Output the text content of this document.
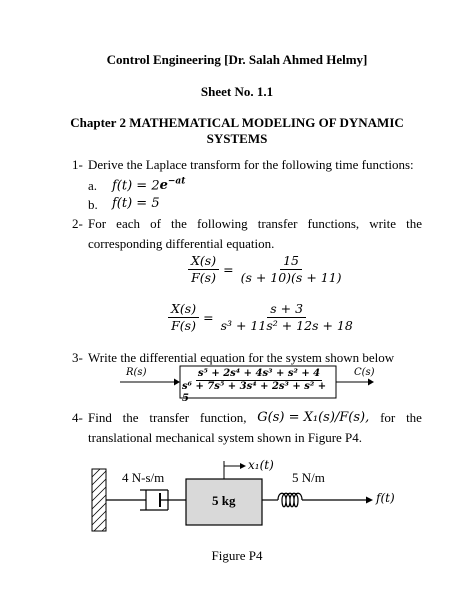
Control Engineering [Dr. Salah Ahmed Helmy]
Sheet No. 1.1
Chapter 2 MATHEMATICAL MODELING OF DYNAMIC
SYSTEMS
1- Derive the Laplace transform for the following time functions:
a. $f(t) = 2e^{-at}$
b. f(t) = 5
2- For each of the following transfer functions, write the
corresponding differential equation.
$\frac{X(s)}{F(s)} = \frac{15}{(s + 10)(s + 11)}$
$\frac{X(s)}{F(s)} = \frac{s + 3}{\text{s³ + 11s² + 12s + 18}}$
3- Write the differential equation for the system shown below
R(s)	C(s)
$\frac{\text{s⁵ + 2s⁴ + 4s³ + s² + 4}}{\text{s⁶ + 7s⁵ + 3s⁴ + 2s³ + s² + 5}}$
4- Find the transfer function, G(s) = X₁(s)/F(s), for the
translational mechanical system shown in Figure P4.
4 N-s/m	5 N/m
5 kg
x₁(t)
f(t)
Figure P4
